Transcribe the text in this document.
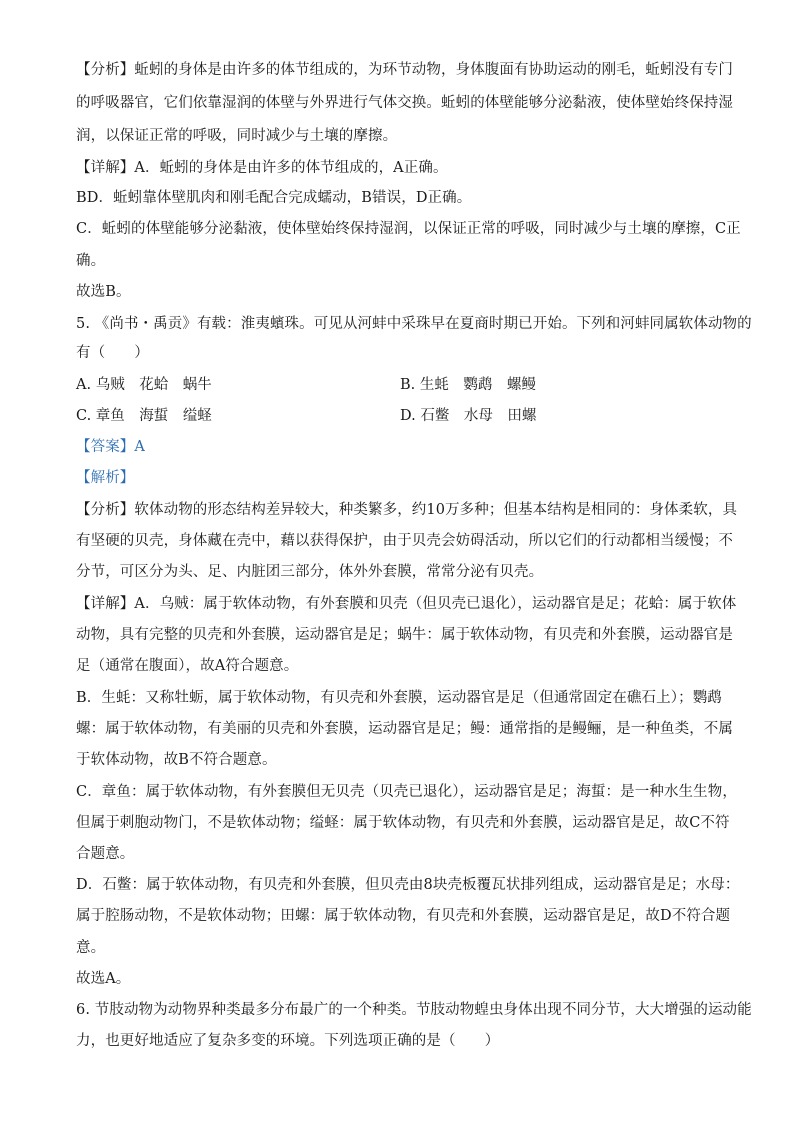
【分析】蚯蚓的身体是由许多的体节组成的，为环节动物，身体腹面有协助运动的刚毛，蚯蚓没有专门
的呼吸器官，它们依靠湿润的体壁与外界进行气体交换。蚯蚓的体壁能够分泌黏液，使体壁始终保持湿
润，以保证正常的呼吸，同时减少与土壤的摩擦。
【详解】A．蚯蚓的身体是由许多的体节组成的，A正确。
BD．蚯蚓靠体壁肌肉和刚毛配合完成蠕动，B错误，D正确。
C．蚯蚓的体壁能够分泌黏液，使体壁始终保持湿润，以保证正常的呼吸，同时减少与土壤的摩擦，C正
确。
故选B。
5. 《尚书・禹贡》有载：淮夷蠙珠。可见从河蚌中采珠早在夏商时期已开始。下列和河蚌同属软体动物的
有（　　）
A. 乌贼　花蛤　蜗牛	B. 生蚝　鹦鹉　螺鳗
C. 章鱼　海蜇　缢蛏	D. 石鳖　水母　田螺
【答案】A
【解析】
【分析】软体动物的形态结构差异较大，种类繁多，约10万多种；但基本结构是相同的：身体柔软，具
有坚硬的贝壳，身体藏在壳中，藉以获得保护，由于贝壳会妨碍活动，所以它们的行动都相当缓慢；不
分节，可区分为头、足、内脏团三部分，体外外套膜，常常分泌有贝壳。
【详解】A．乌贼：属于软体动物，有外套膜和贝壳（但贝壳已退化），运动器官是足；花蛤：属于软体
动物，具有完整的贝壳和外套膜，运动器官是足；蜗牛：属于软体动物，有贝壳和外套膜，运动器官是
足（通常在腹面），故A符合题意。
B．生蚝：又称牡蛎，属于软体动物，有贝壳和外套膜，运动器官是足（但通常固定在礁石上）；鹦鹉
螺：属于软体动物，有美丽的贝壳和外套膜，运动器官是足；鳗：通常指的是鳗鲡，是一种鱼类，不属
于软体动物，故B不符合题意。
C．章鱼：属于软体动物，有外套膜但无贝壳（贝壳已退化），运动器官是足；海蜇：是一种水生生物，
但属于刺胞动物门，不是软体动物；缢蛏：属于软体动物，有贝壳和外套膜，运动器官是足，故C不符
合题意。
D．石鳖：属于软体动物，有贝壳和外套膜，但贝壳由8块壳板覆瓦状排列组成，运动器官是足；水母：
属于腔肠动物，不是软体动物；田螺：属于软体动物，有贝壳和外套膜，运动器官是足，故D不符合题
意。
故选A。
6. 节肢动物为动物界种类最多分布最广的一个种类。节肢动物蝗虫身体出现不同分节，大大增强的运动能
力，也更好地适应了复杂多变的环境。下列选项正确的是（　　）
